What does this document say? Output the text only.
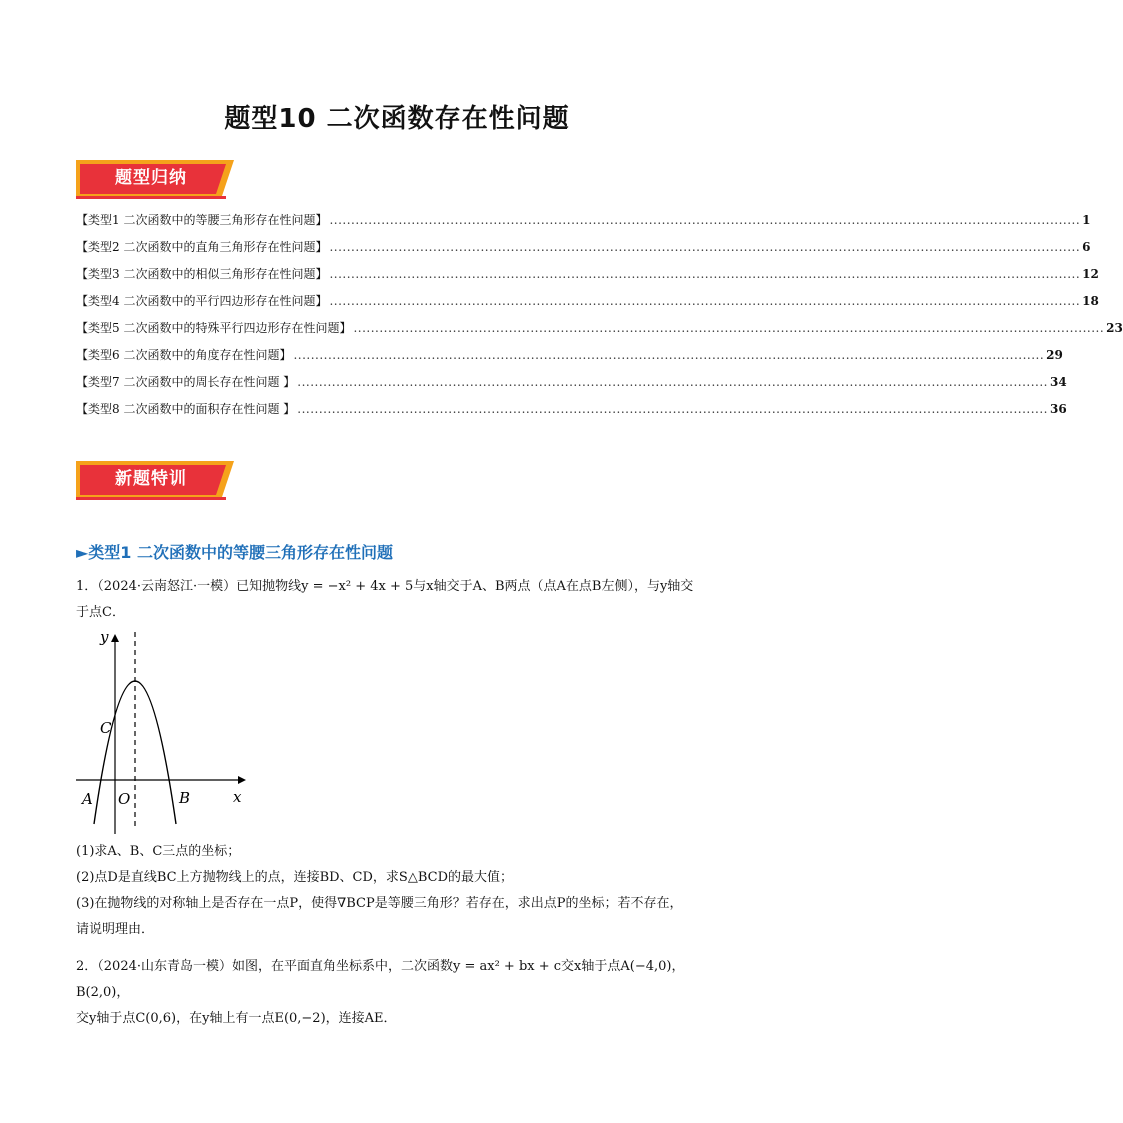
题型10 二次函数存在性问题
题型归纳
【类型1 二次函数中的等腰三角形存在性问题】 .............................................................................................................................................................................. 1
【类型2 二次函数中的直角三角形存在性问题】 .............................................................................................................................................................................. 6
【类型3 二次函数中的相似三角形存在性问题】 .............................................................................................................................................................................. 12
【类型4 二次函数中的平行四边形存在性问题】 .............................................................................................................................................................................. 18
【类型5 二次函数中的特殊平行四边形存在性问题】 .............................................................................................................................................................................. 23
【类型6 二次函数中的角度存在性问题】 .............................................................................................................................................................................. 29
【类型7 二次函数中的周长存在性问题 】 .............................................................................................................................................................................. 34
【类型8 二次函数中的面积存在性问题 】 .............................................................................................................................................................................. 36
新题特训
►类型1 二次函数中的等腰三角形存在性问题
1．（2024·云南怒江·一模）已知抛物线y = −x² + 4x + 5与x轴交于A、B两点（点A在点B左侧），与y轴交
于点C．
y
x
C
A O	B
(1)求A、B、C三点的坐标；
(2)点D是直线BC上方抛物线上的点，连接BD、CD，求S△BCD的最大值；
(3)在抛物线的对称轴上是否存在一点P，使得∇BCP是等腰三角形？若存在，求出点P的坐标；若不存在，
请说明理由．
2．（2024·山东青岛一模）如图，在平面直角坐标系中，二次函数y = ax² + bx + c交x轴于点A(−4,0)，B(2,0)，
交y轴于点C(0,6)，在y轴上有一点E(0,−2)，连接AE．
